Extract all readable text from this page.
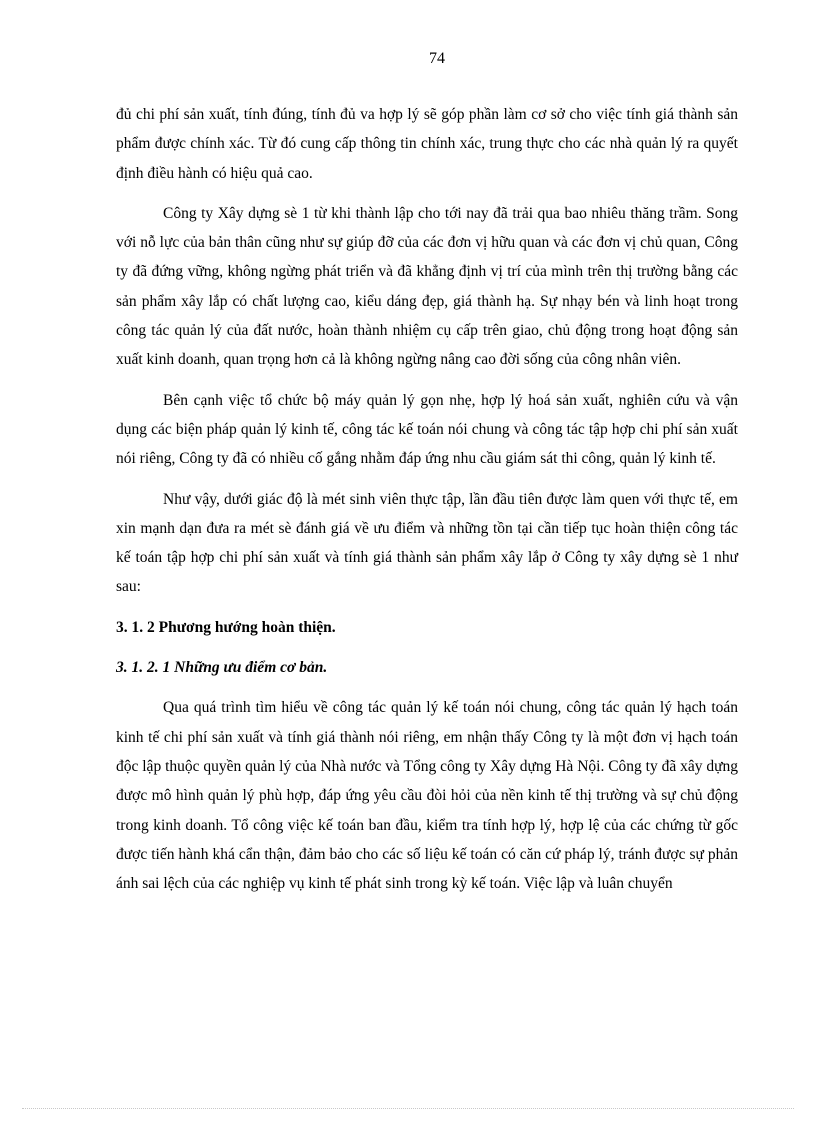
74

đủ chi phí sản xuất, tính đúng, tính đủ va hợp lý sẽ góp phần làm cơ sở cho việc tính giá thành sản phẩm được chính xác. Từ đó cung cấp thông tin chính xác, trung thực cho các nhà quản lý ra quyết định điều hành có hiệu quả cao.

Công ty Xây dựng sè 1 từ khi thành lập cho tới nay đã trải qua bao nhiêu thăng trầm. Song với nỗ lực của bản thân cũng như sự giúp đỡ của các đơn vị hữu quan và các đơn vị chủ quan, Công ty đã đứng vững, không ngừng phát triển và đã khẳng định vị trí của mình trên thị trường bằng các sản phẩm xây lắp có chất lượng cao, kiểu dáng đẹp, giá thành hạ. Sự nhạy bén và linh hoạt trong công tác quản lý của đất nước, hoàn thành nhiệm cụ cấp trên giao, chủ động trong hoạt động sản xuất kinh doanh, quan trọng hơn cả là không ngừng nâng cao đời sống của công nhân viên.

Bên cạnh việc tổ chức bộ máy quản lý gọn nhẹ, hợp lý hoá sản xuất, nghiên cứu và vận dụng các biện pháp quản lý kinh tế, công tác kế toán nói chung và công tác tập hợp chi phí sản xuất nói riêng, Công ty đã có nhiều cố gắng nhằm đáp ứng nhu cầu giám sát thi công, quản lý kinh tế.

Như vậy, dưới giác độ là mét sinh viên thực tập, lần đầu tiên được làm quen với thực tế, em xin mạnh dạn đưa ra mét sè đánh giá về ưu điểm và những tồn tại cần tiếp tục hoàn thiện công tác kế toán tập hợp chi phí sản xuất và tính giá thành sản phẩm xây lắp ở Công ty xây dựng sè 1 như sau:

3. 1. 2 Phương hướng hoàn thiện.

3. 1. 2. 1 Những ưu điểm cơ bản.

Qua quá trình tìm hiểu về công tác quản lý kế toán nói chung, công tác quản lý hạch toán kinh tế chi phí sản xuất và tính giá thành nói riêng, em nhận thấy Công ty là một đơn vị hạch toán độc lập thuộc quyền quản lý của Nhà nước và Tổng công ty Xây dựng Hà Nội. Công ty đã xây dựng được mô hình quản lý phù hợp, đáp ứng yêu cầu đòi hỏi của nền kinh tế thị trường và sự chủ động trong kinh doanh. Tổ công việc kế toán ban đầu, kiểm tra tính hợp lý, hợp lệ của các chứng từ gốc được tiến hành khá cẩn thận, đảm bảo cho các số liệu kế toán có căn cứ pháp lý, tránh được sự phản ánh sai lệch của các nghiệp vụ kinh tế phát sinh trong kỳ kế toán. Việc lập và luân chuyển
